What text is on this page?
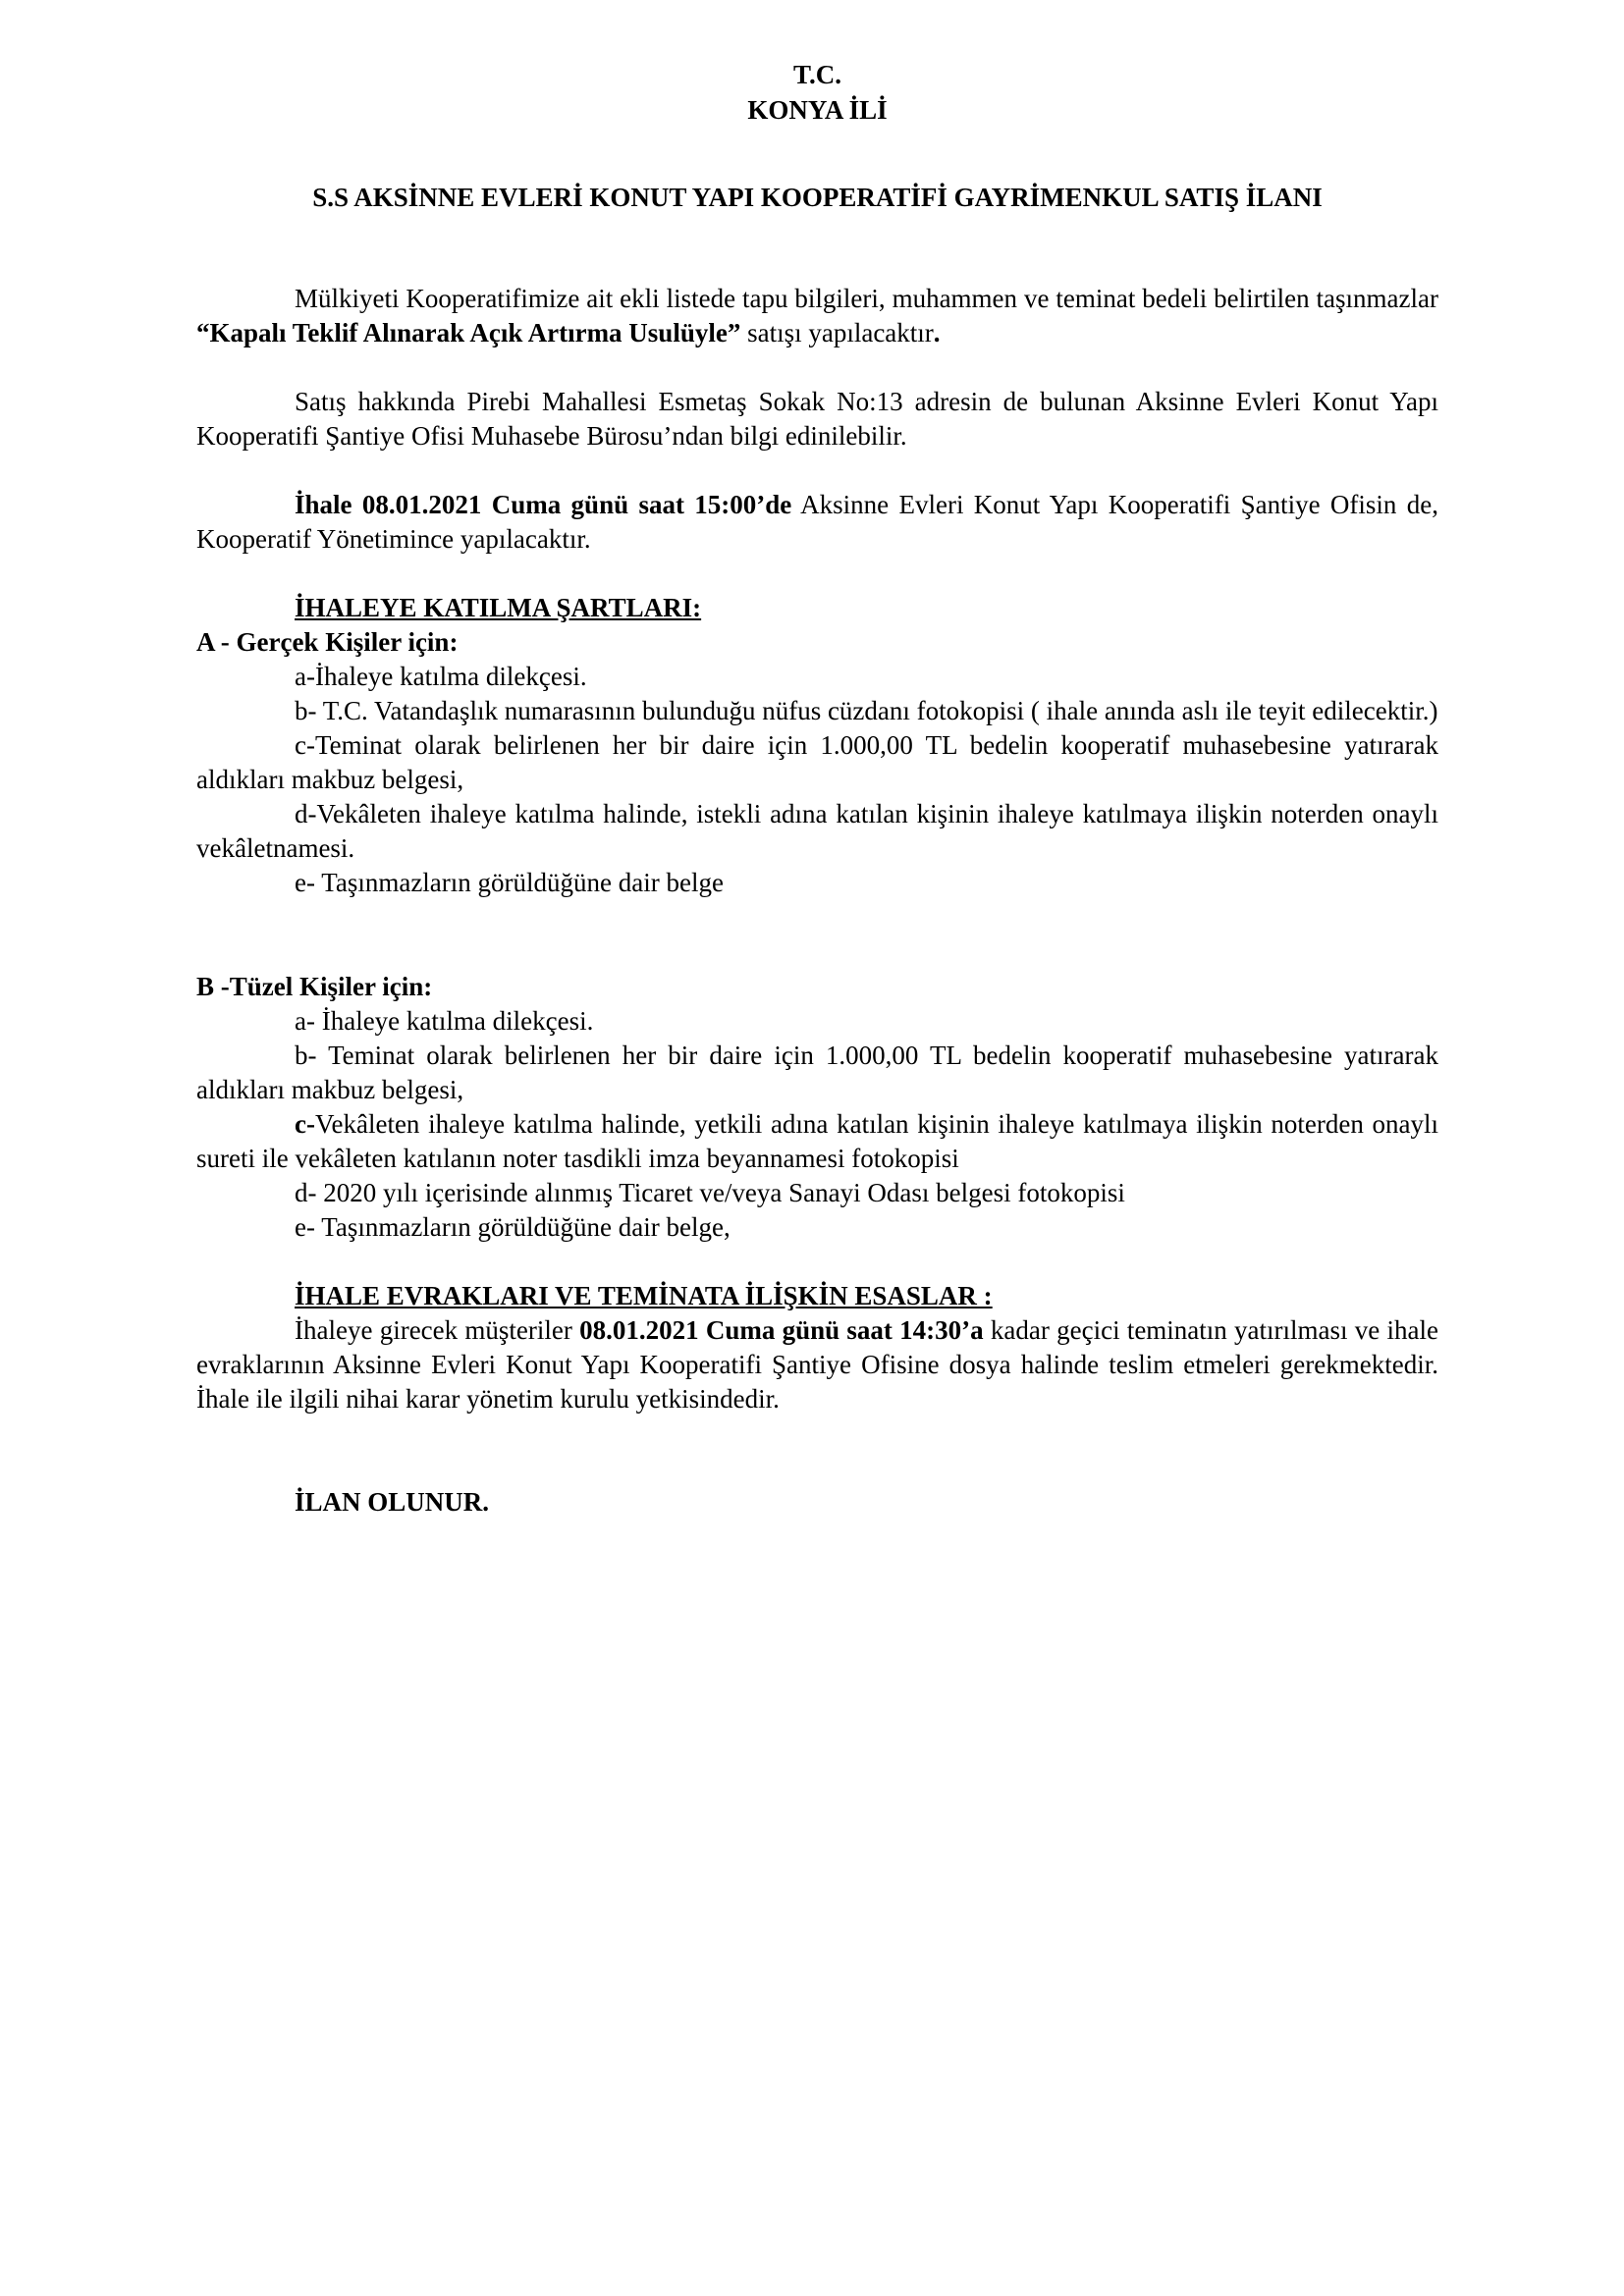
T.C.
KONYA İLİ
S.S AKSİNNE EVLERİ KONUT YAPI KOOPERATİFİ GAYRİMENKUL SATIŞ İLANI

Mülkiyeti Kooperatifimize ait ekli listede tapu bilgileri, muhammen ve teminat bedeli belirtilen taşınmazlar “Kapalı Teklif Alınarak Açık Artırma Usulüyle” satışı yapılacaktır.

Satış hakkında Pirebi Mahallesi Esmetaş Sokak No:13 adresin de bulunan Aksinne Evleri Konut Yapı Kooperatifi Şantiye Ofisi Muhasebe Bürosu’ndan bilgi edinilebilir.

İhale 08.01.2021 Cuma günü saat 15:00’de Aksinne Evleri Konut Yapı Kooperatifi Şantiye Ofisin de, Kooperatif Yönetimince yapılacaktır.

İHALEYE KATILMA ŞARTLARI:

A - Gerçek Kişiler için:

a-İhaleye katılma dilekçesi.

b- T.C. Vatandaşlık numarasının bulunduğu nüfus cüzdanı fotokopisi ( ihale anında aslı ile teyit edilecektir.)

c-Teminat olarak belirlenen her bir daire için 1.000,00 TL bedelin kooperatif muhasebesine yatırarak aldıkları makbuz belgesi,

d-Vekâleten ihaleye katılma halinde, istekli adına katılan kişinin ihaleye katılmaya ilişkin noterden onaylı vekâletnamesi.

e- Taşınmazların görüldüğüne dair belge

B -Tüzel Kişiler için:

a- İhaleye katılma dilekçesi.

b- Teminat olarak belirlenen her bir daire için 1.000,00 TL bedelin kooperatif muhasebesine yatırarak aldıkları makbuz belgesi,

c-Vekâleten ihaleye katılma halinde, yetkili adına katılan kişinin ihaleye katılmaya ilişkin noterden onaylı sureti ile vekâleten katılanın noter tasdikli imza beyannamesi fotokopisi

d- 2020 yılı içerisinde alınmış Ticaret ve/veya Sanayi Odası belgesi fotokopisi

e- Taşınmazların görüldüğüne dair belge,

İHALE EVRAKLARI VE TEMİNATA İLİŞKİN ESASLAR :

İhaleye girecek müşteriler 08.01.2021 Cuma günü saat 14:30’a kadar geçici teminatın yatırılması ve ihale evraklarının Aksinne Evleri Konut Yapı Kooperatifi Şantiye Ofisine dosya halinde teslim etmeleri gerekmektedir. İhale ile ilgili nihai karar yönetim kurulu yetkisindedir.

İLAN OLUNUR.
